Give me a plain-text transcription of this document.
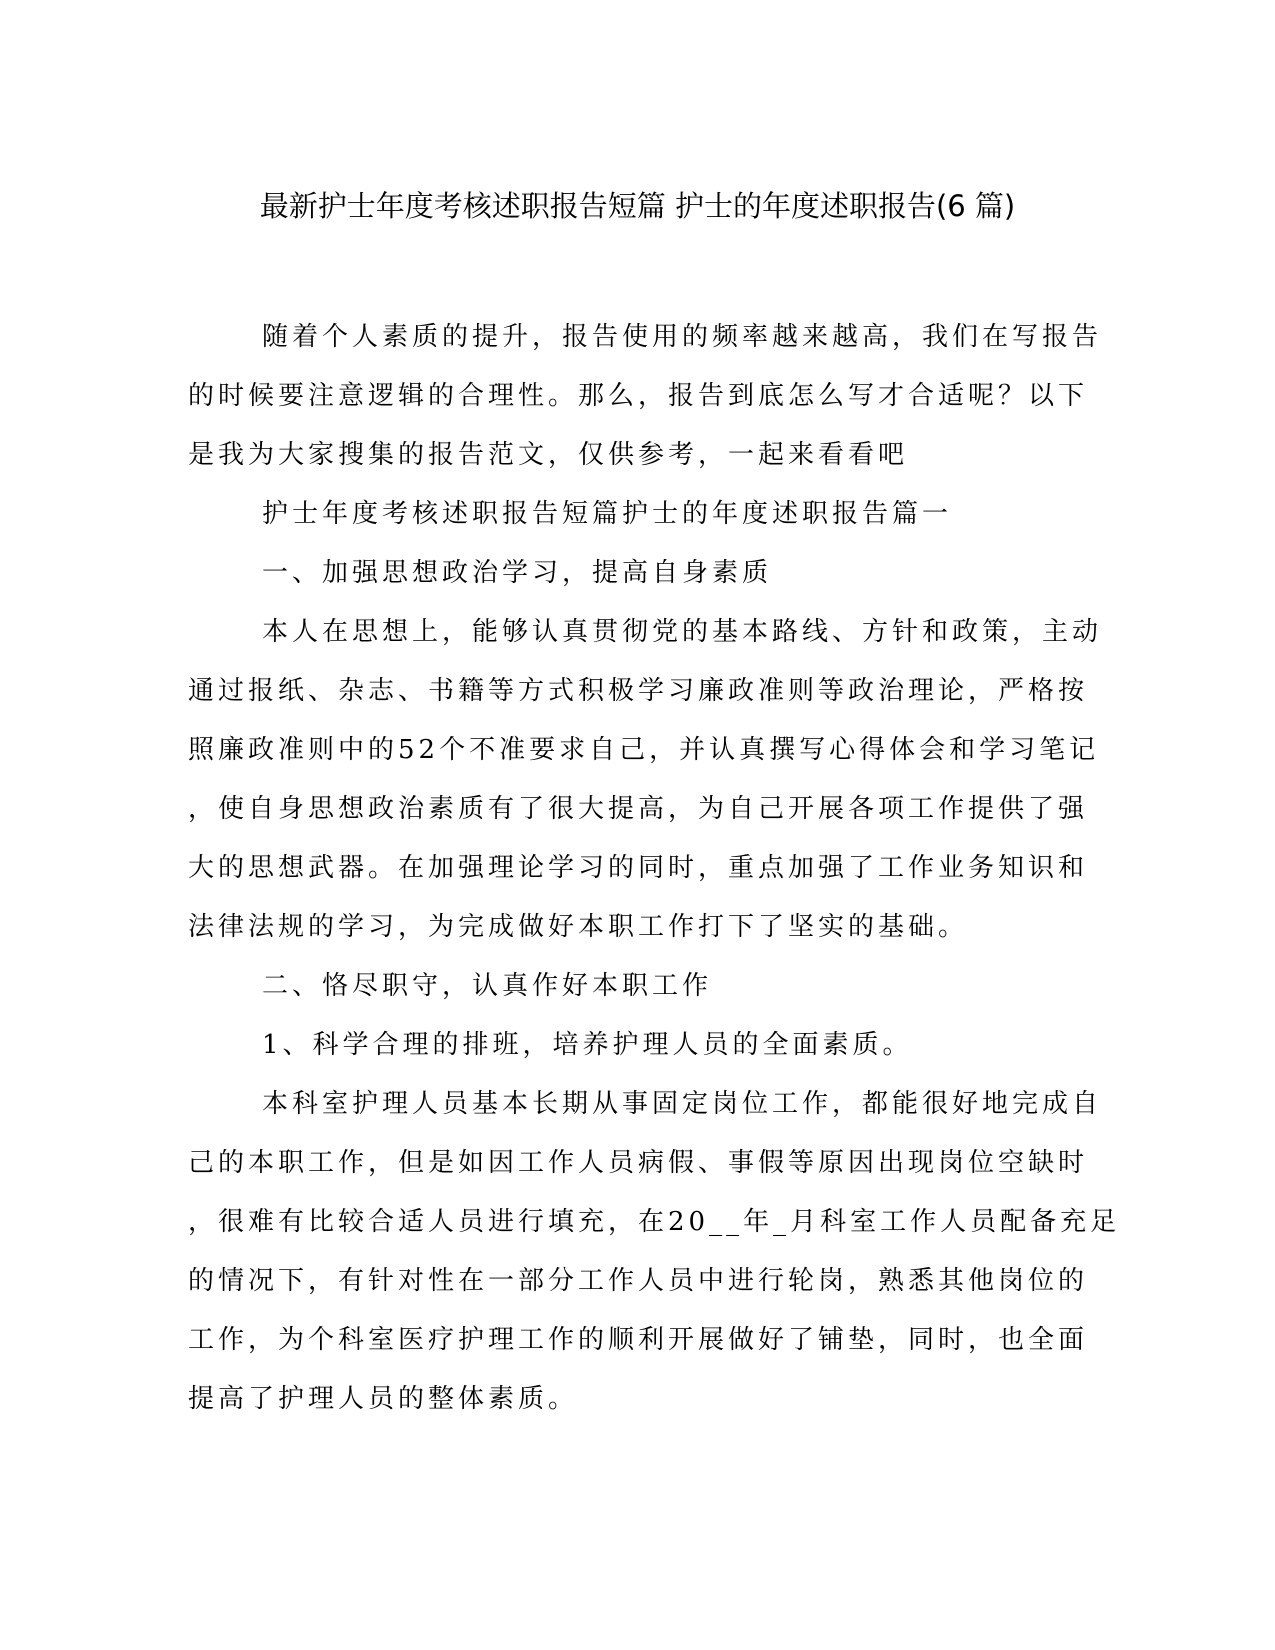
最新护士年度考核述职报告短篇 护士的年度述职报告(6 篇)
随着个人素质的提升，报告使用的频率越来越高，我们在写报告
的时候要注意逻辑的合理性。那么，报告到底怎么写才合适呢？以下
是我为大家搜集的报告范文，仅供参考，一起来看看吧
护士年度考核述职报告短篇护士的年度述职报告篇一
一、加强思想政治学习，提高自身素质
本人在思想上，能够认真贯彻党的基本路线、方针和政策，主动
通过报纸、杂志、书籍等方式积极学习廉政准则等政治理论，严格按
照廉政准则中的52个不准要求自己，并认真撰写心得体会和学习笔记
，使自身思想政治素质有了很大提高，为自己开展各项工作提供了强
大的思想武器。在加强理论学习的同时，重点加强了工作业务知识和
法律法规的学习，为完成做好本职工作打下了坚实的基础。
二、恪尽职守，认真作好本职工作
1、科学合理的排班，培养护理人员的全面素质。
本科室护理人员基本长期从事固定岗位工作，都能很好地完成自
己的本职工作，但是如因工作人员病假、事假等原因出现岗位空缺时
，很难有比较合适人员进行填充，在20__年_月科室工作人员配备充足
的情况下，有针对性在一部分工作人员中进行轮岗，熟悉其他岗位的
工作，为个科室医疗护理工作的顺利开展做好了铺垫，同时，也全面
提高了护理人员的整体素质。
